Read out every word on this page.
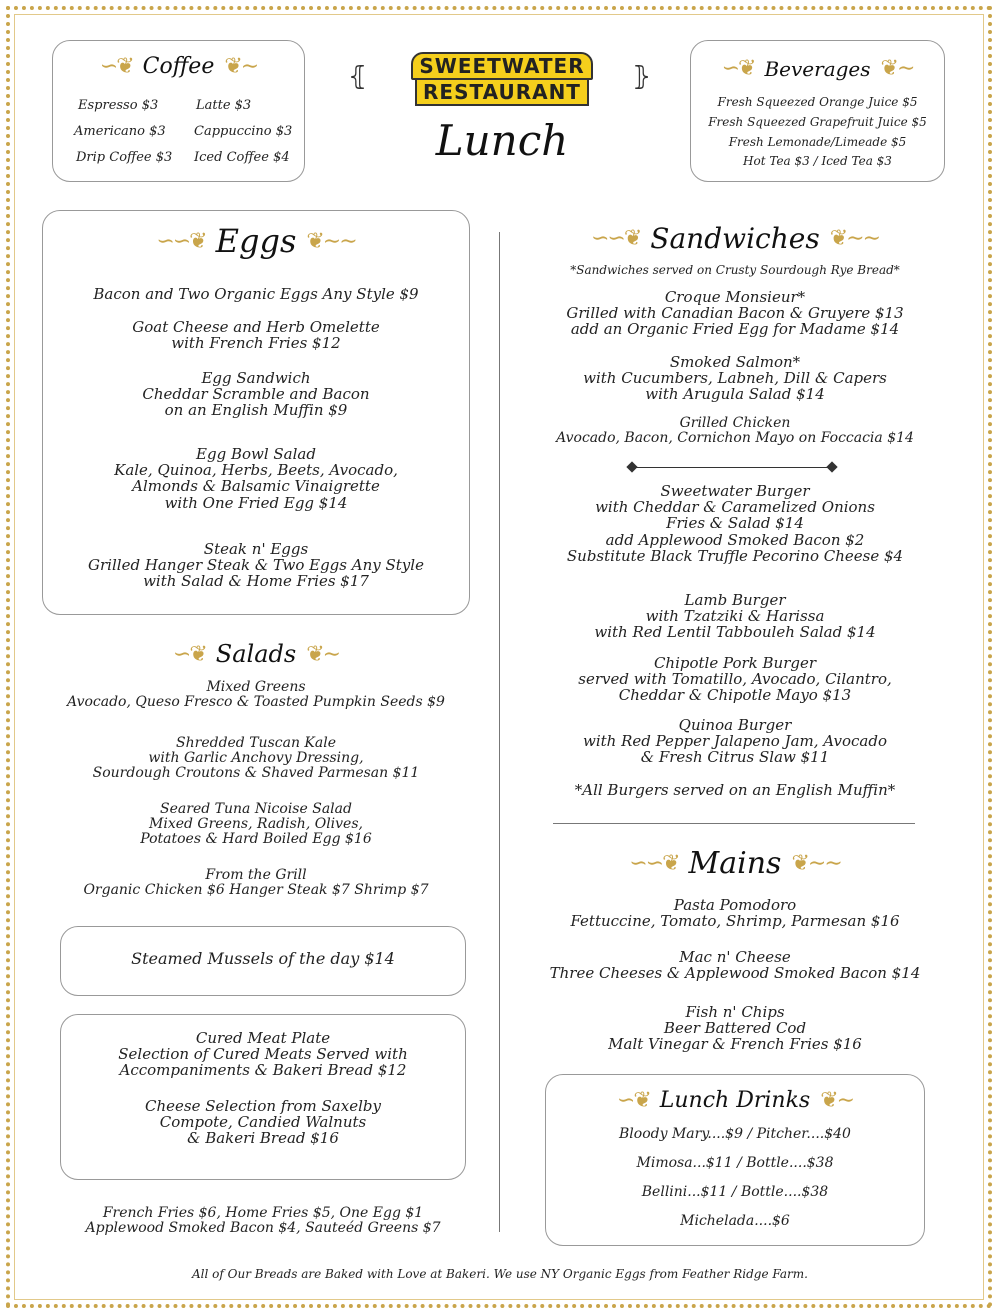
∽❦ Coffee ❦∼
Espresso $3
Americano $3
Drip Coffee $3
Latte $3
Cappuccino $3
Iced Coffee $4
⦃	⦄
SWEETWATER
RESTAURANT
Lunch
∽❦ Beverages ❦∼
Fresh Squeezed Orange Juice $5
Fresh Squeezed Grapefruit Juice $5
Fresh Lemonade/Limeade $5
Hot Tea $3 / Iced Tea $3
∽∽❦ Eggs ❦∼∼
Bacon and Two Organic Eggs Any Style $9
Goat Cheese and Herb Omelette
with French Fries $12
Egg Sandwich
Cheddar Scramble and Bacon
on an English Muffin $9
Egg Bowl Salad
Kale, Quinoa, Herbs, Beets, Avocado,
Almonds & Balsamic Vinaigrette
with One Fried Egg $14
Steak n' Eggs
Grilled Hanger Steak & Two Eggs Any Style
with Salad & Home Fries $17
∽❦ Salads ❦∼
Mixed Greens
Avocado, Queso Fresco & Toasted Pumpkin Seeds $9
Shredded Tuscan Kale
with Garlic Anchovy Dressing,
Sourdough Croutons & Shaved Parmesan $11
Seared Tuna Nicoise Salad
Mixed Greens, Radish, Olives,
Potatoes & Hard Boiled Egg $16
From the Grill
Organic Chicken $6 Hanger Steak $7 Shrimp $7
Steamed Mussels of the day $14
Cured Meat Plate
Selection of Cured Meats Served with
Accompaniments & Bakeri Bread $12
Cheese Selection from Saxelby
Compote, Candied Walnuts
& Bakeri Bread $16
French Fries $6, Home Fries $5, One Egg $1
Applewood Smoked Bacon $4, Sauteéd Greens $7
∽∽❦ Sandwiches ❦∼∼
*Sandwiches served on Crusty Sourdough Rye Bread*
Croque Monsieur*
Grilled with Canadian Bacon & Gruyere $13
add an Organic Fried Egg for Madame $14
Smoked Salmon*
with Cucumbers, Labneh, Dill & Capers
with Arugula Salad $14
Grilled Chicken
Avocado, Bacon, Cornichon Mayo on Foccacia $14
Sweetwater Burger
with Cheddar & Caramelized Onions
Fries & Salad $14
add Applewood Smoked Bacon $2
Substitute Black Truffle Pecorino Cheese $4
Lamb Burger
with Tzatziki & Harissa
with Red Lentil Tabbouleh Salad $14
Chipotle Pork Burger
served with Tomatillo, Avocado, Cilantro,
Cheddar & Chipotle Mayo $13
Quinoa Burger
with Red Pepper Jalapeno Jam, Avocado
& Fresh Citrus Slaw $11
*All Burgers served on an English Muffin*
∽∽❦ Mains ❦∼∼
Pasta Pomodoro
Fettuccine, Tomato, Shrimp, Parmesan $16
Mac n' Cheese
Three Cheeses & Applewood Smoked Bacon $14
Fish n' Chips
Beer Battered Cod
Malt Vinegar & French Fries $16
∽❦ Lunch Drinks ❦∼
Bloody Mary....$9 / Pitcher....$40
Mimosa...$11 / Bottle....$38
Bellini...$11 / Bottle....$38
Michelada....$6
All of Our Breads are Baked with Love at Bakeri. We use NY Organic Eggs from Feather Ridge Farm.
